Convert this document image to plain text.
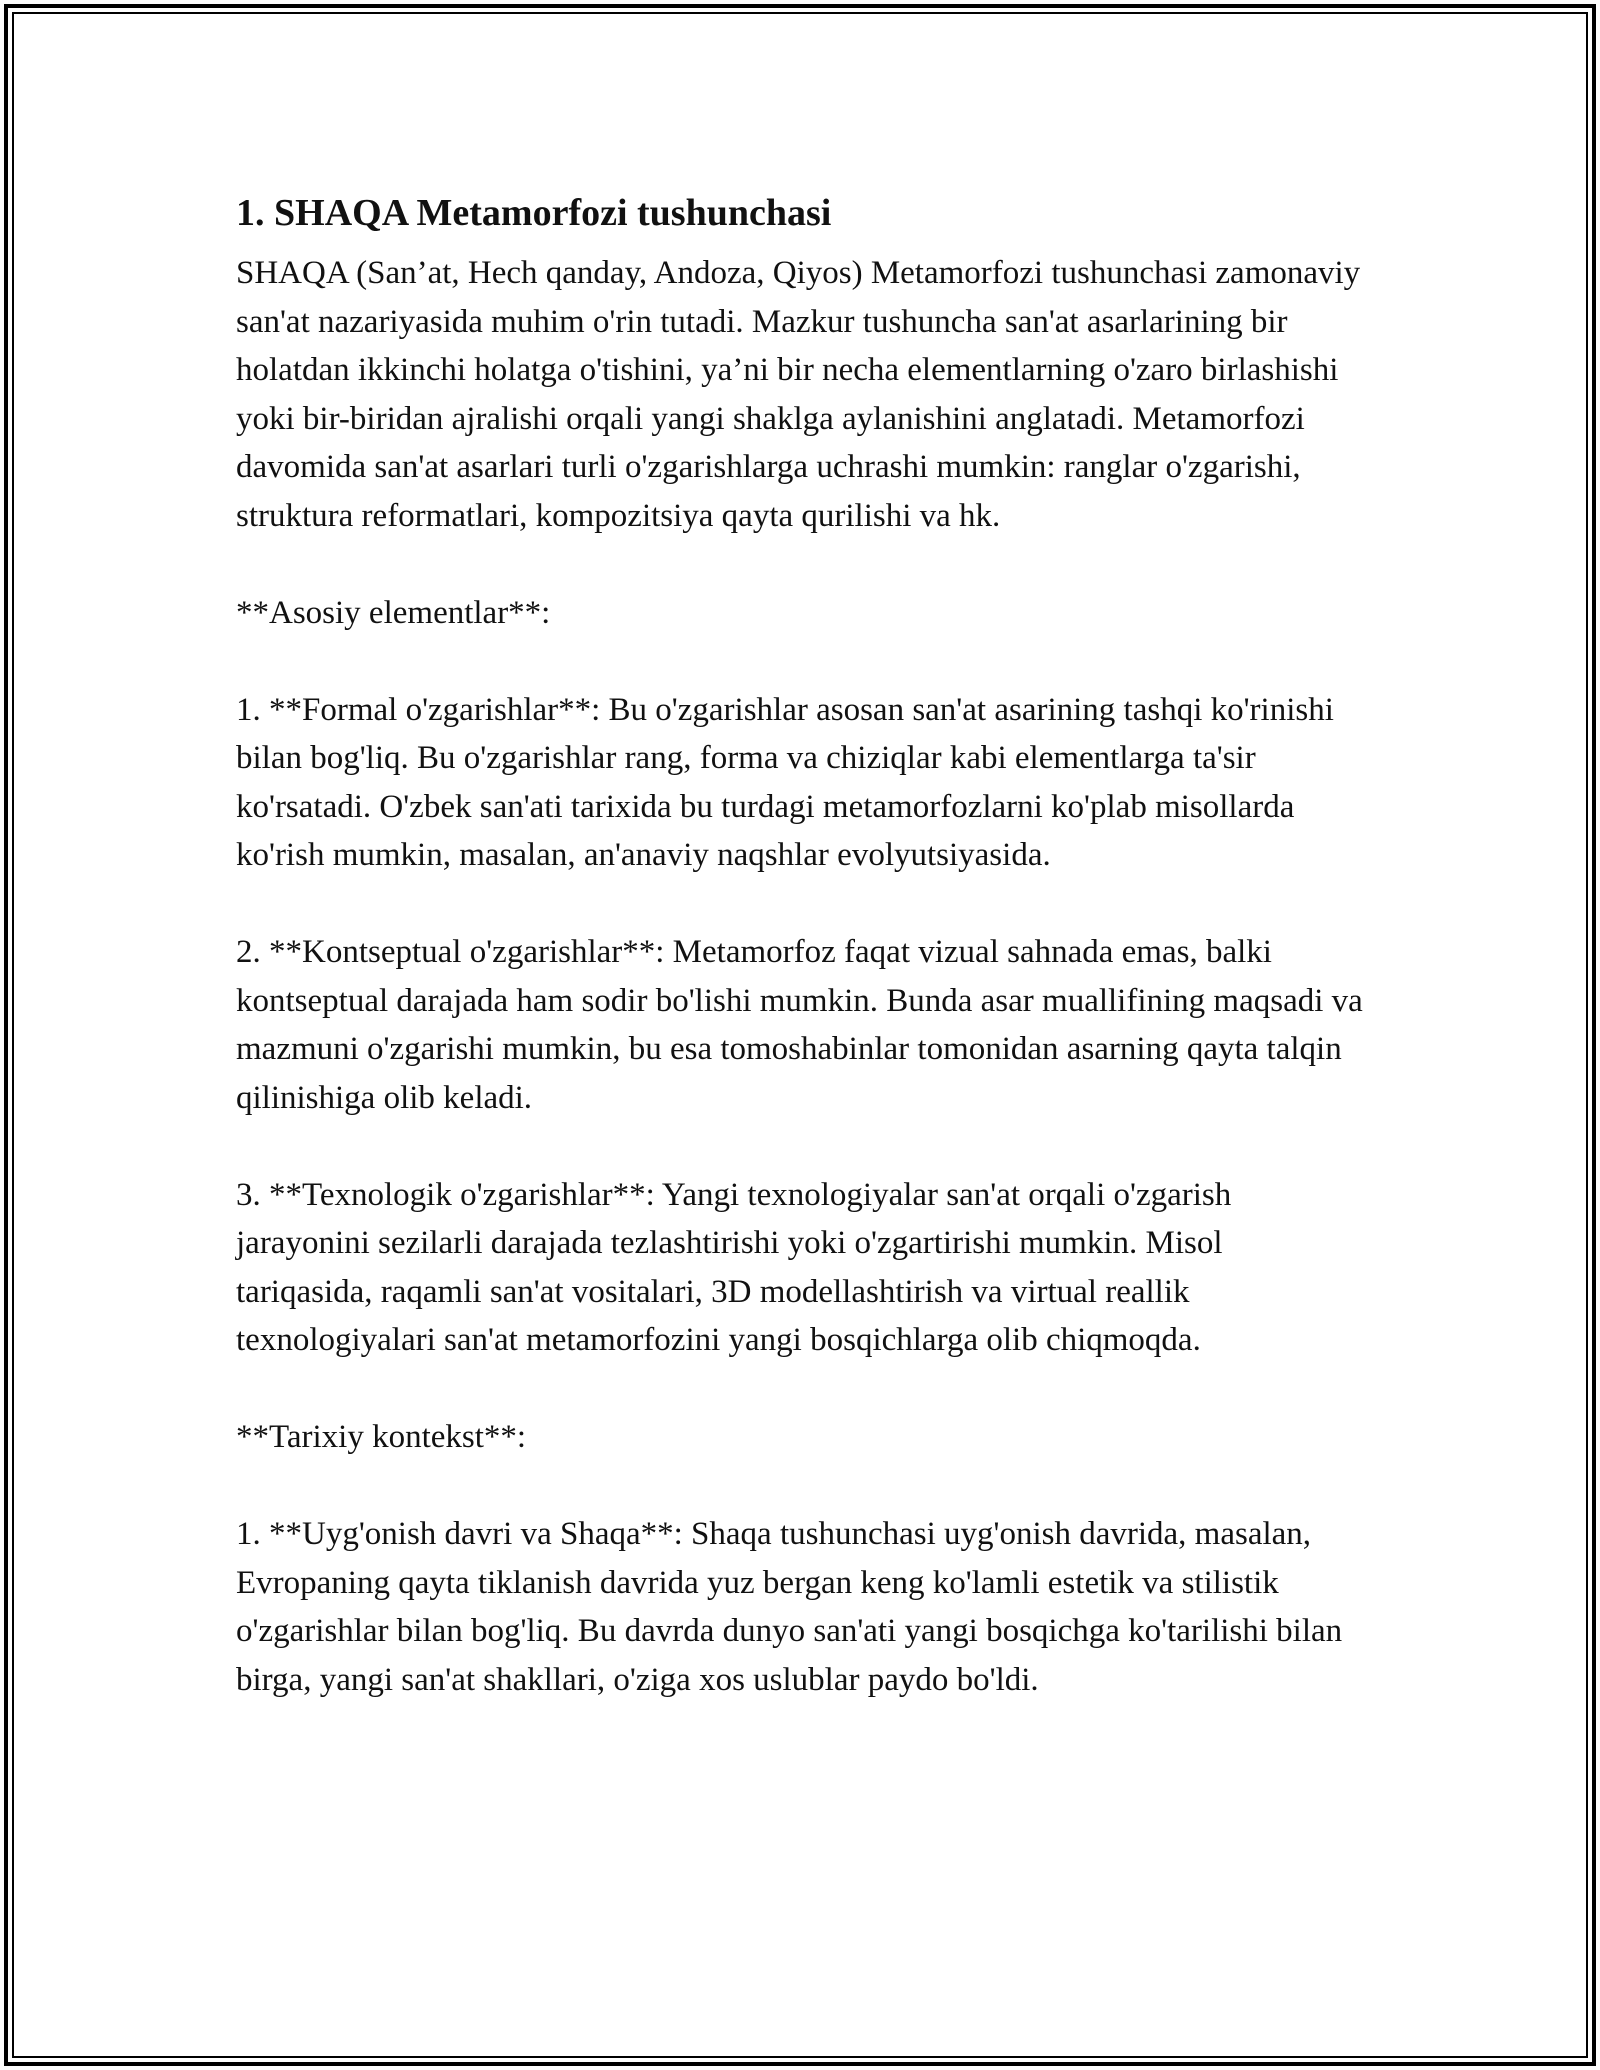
1. SHAQA Metamorfozi tushunchasi

SHAQA (San’at, Hech qanday, Andoza, Qiyos) Metamorfozi tushunchasi zamonaviy san'at nazariyasida muhim o'rin tutadi. Mazkur tushuncha san'at asarlarining bir holatdan ikkinchi holatga o'tishini, ya’ni bir necha elementlarning o'zaro birlashishi yoki bir-biridan ajralishi orqali yangi shaklga aylanishini anglatadi. Metamorfozi davomida san'at asarlari turli o'zgarishlarga uchrashi mumkin: ranglar o'zgarishi, struktura reformatlari, kompozitsiya qayta qurilishi va hk.

**Asosiy elementlar**:

1. **Formal o'zgarishlar**: Bu o'zgarishlar asosan san'at asarining tashqi ko'rinishi bilan bog'liq. Bu o'zgarishlar rang, forma va chiziqlar kabi elementlarga ta'sir ko'rsatadi. O'zbek san'ati tarixida bu turdagi metamorfozlarni ko'plab misollarda ko'rish mumkin, masalan, an'anaviy naqshlar evolyutsiyasida.

2. **Kontseptual o'zgarishlar**: Metamorfoz faqat vizual sahnada emas, balki kontseptual darajada ham sodir bo'lishi mumkin. Bunda asar muallifining maqsadi va mazmuni o'zgarishi mumkin, bu esa tomoshabinlar tomonidan asarning qayta talqin qilinishiga olib keladi.

3. **Texnologik o'zgarishlar**: Yangi texnologiyalar san'at orqali o'zgarish jarayonini sezilarli darajada tezlashtirishi yoki o'zgartirishi mumkin. Misol tariqasida, raqamli san'at vositalari, 3D modellashtirish va virtual reallik texnologiyalari san'at metamorfozini yangi bosqichlarga olib chiqmoqda.

**Tarixiy kontekst**:

1. **Uyg'onish davri va Shaqa**: Shaqa tushunchasi uyg'onish davrida, masalan, Evropaning qayta tiklanish davrida yuz bergan keng ko'lamli estetik va stilistik o'zgarishlar bilan bog'liq. Bu davrda dunyo san'ati yangi bosqichga ko'tarilishi bilan birga, yangi san'at shakllari, o'ziga xos uslublar paydo bo'ldi.
